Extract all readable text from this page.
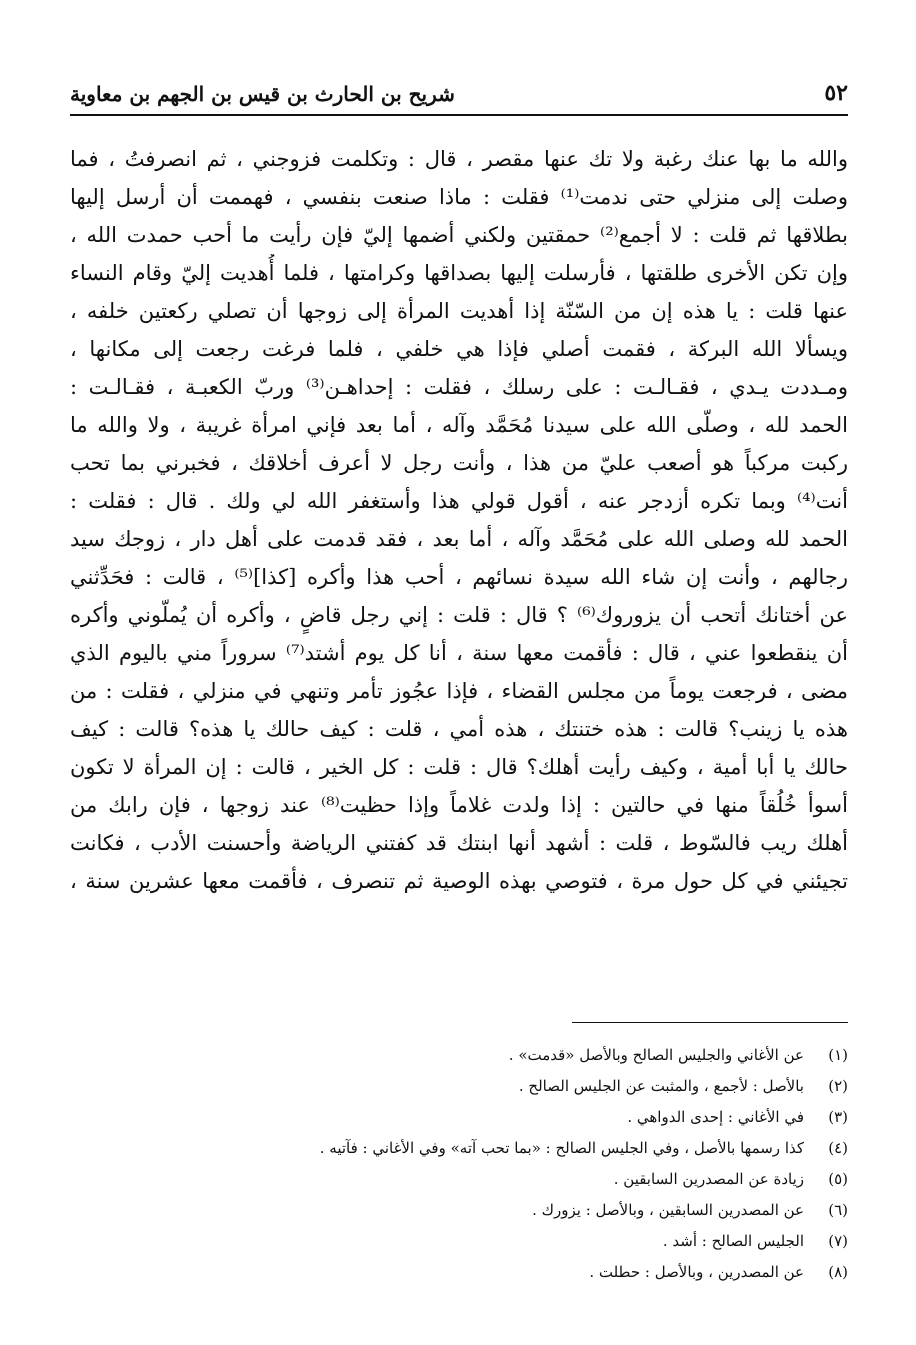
٥٢
شريح بن الحارث بن قيس بن الجهم بن معاوية
والله ما بها عنك رغبة ولا تك عنها مقصر ، قال : وتكلمت فزوجني ، ثم انصرفتُ ، فما
وصلت إلى منزلي حتى ندمت⁽¹⁾ فقلت : ماذا صنعت بنفسي ، فهممت أن أرسل إليها
بطلاقها ثم قلت : لا أجمع⁽²⁾ حمقتين ولكني أضمها إليّ فإن رأيت ما أحب حمدت الله ،
وإن تكن الأخرى طلقتها ، فأرسلت إليها بصداقها وكرامتها ، فلما أُهديت إليّ وقام النساء
عنها قلت : يا هذه إن من السّنّة إذا أهديت المرأة إلى زوجها أن تصلي ركعتين خلفه ،
ويسألا الله البركة ، فقمت أصلي فإذا هي خلفي ، فلما فرغت رجعت إلى مكانها ،
ومـددت يـدي ، فقـالـت : على رسلك ، فقلت : إحداهـن⁽³⁾ وربّ الكعبـة ، فقـالـت :
الحمد لله ، وصلّى الله على سيدنا مُحَمَّد وآله ، أما بعد فإني امرأة غريبة ، ولا والله ما
ركبت مركباً هو أصعب عليّ من هذا ، وأنت رجل لا أعرف أخلاقك ، فخبرني بما تحب
أنت⁽⁴⁾ وبما تكره أزدجر عنه ، أقول قولي هذا وأستغفر الله لي ولك . قال : فقلت :
الحمد لله وصلى الله على مُحَمَّد وآله ، أما بعد ، فقد قدمت على أهل دار ، زوجك سيد
رجالهم ، وأنت إن شاء الله سيدة نسائهم ، أحب هذا وأكره [كذا]⁽⁵⁾ ، قالت : فحَدِّثني
عن أختانك أتحب أن يزوروك⁽⁶⁾ ؟ قال : قلت : إني رجل قاضٍ ، وأكره أن يُملّوني وأكره
أن ينقطعوا عني ، قال : فأقمت معها سنة ، أنا كل يوم أشتد⁽⁷⁾ سروراً مني باليوم الذي
مضى ، فرجعت يوماً من مجلس القضاء ، فإذا عجُوز تأمر وتنهي في منزلي ، فقلت : من
هذه يا زينب؟ قالت : هذه ختنتك ، هذه أمي ، قلت : كيف حالك يا هذه؟ قالت : كيف
حالك يا أبا أمية ، وكيف رأيت أهلك؟ قال : قلت : كل الخير ، قالت : إن المرأة لا تكون
أسوأ خُلُقاً منها في حالتين : إذا ولدت غلاماً وإذا حظيت⁽⁸⁾ عند زوجها ، فإن رابك من
أهلك ريب فالسّوط ، قلت : أشهد أنها ابنتك قد كفتني الرياضة وأحسنت الأدب ، فكانت
تجيئني في كل حول مرة ، فتوصي بهذه الوصية ثم تنصرف ، فأقمت معها عشرين سنة ،
(١)عن الأغاني والجليس الصالح وبالأصل «قدمت» .
(٢)بالأصل : لأجمع ، والمثبت عن الجليس الصالح .
(٣)في الأغاني : إحدى الدواهي .
(٤)كذا رسمها بالأصل ، وفي الجليس الصالح : «بما تحب آته» وفي الأغاني : فآتيه .
(٥)زيادة عن المصدرين السابقين .
(٦)عن المصدرين السابقين ، وبالأصل : يزورك .
(٧)الجليس الصالح : أشد .
(٨)عن المصدرين ، وبالأصل : حطلت .
